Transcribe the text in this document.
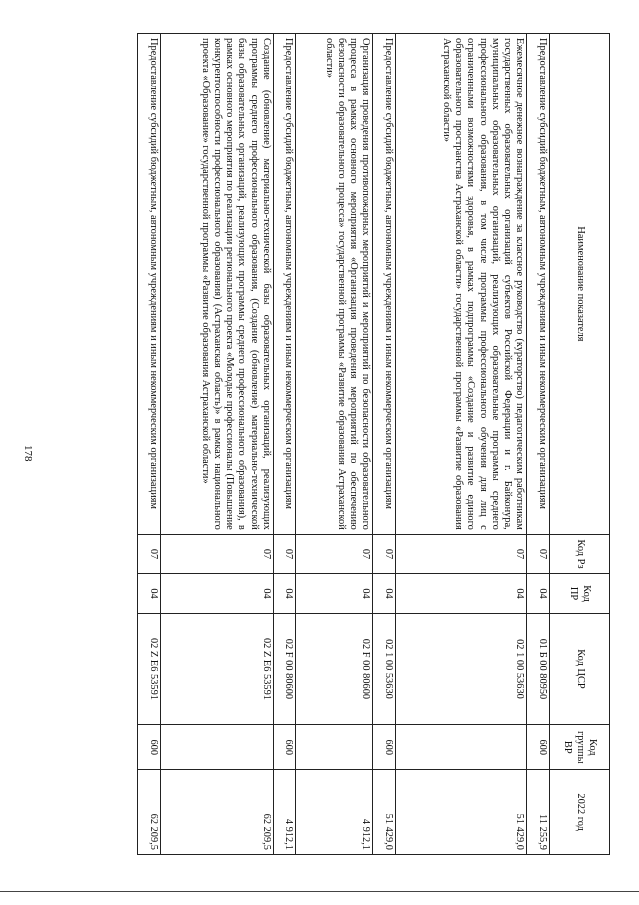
178
Наименование показателя	Код Рз	Код ПР	Код ЦСР	Код группы ВР	2022 год
Предоставление субсидий бюджетным, автономным учреждениям и иным некоммерческим организациям	07	04	01 Б 00 80950	600	11 255,9
Ежемесячное денежное вознаграждение за классное руководство (кураторство) педагогическим работникам государственных образовательных организаций субъектов Российской Федерации и г. Байконура, муниципальных образовательных организаций, реализующих образовательные программы среднего профессионального образования, в том числе программы профессионального обучения для лиц с ограниченными возможностями здоровья, в рамках подпрограммы «Создание и развитие единого образовательного пространства Астраханской области» государственной программы «Развитие образования Астраханской области»	07	04	02 1 00 53630		51 429,0
Предоставление субсидий бюджетным, автономным учреждениям и иным некоммерческим организациям	07	04	02 1 00 53630	600	51 429,0
Организация проведения противопожарных мероприятий и мероприятий по безопасности образовательного процесса в рамках основного мероприятия «Организация проведения мероприятий по обеспечению безопасности образовательного процесса» государственной программы «Развитие образования Астраханской области»	07	04	02 F 00 80600		4 912,1
Предоставление субсидий бюджетным, автономным учреждениям и иным некоммерческим организациям	07	04	02 F 00 80600	600	4 912,1
Создание (обновление) материально-технической базы образовательных организаций, реализующих программы среднего профессионального образования, (Создание (обновление) материально-технической базы образовательных организаций, реализующих программы среднего профессионального образования), в рамках основного мероприятия по реализации регионального проекта «Молодые профессионалы (Повышение конкурентоспособности профессионального образования) (Астраханская область)» в рамках национального проекта «Образование» государственной программы «Развитие образования Астраханской области»	07	04	02 Z Е6 53591		62 209,5
Предоставление субсидий бюджетным, автономным учреждениям и иным некоммерческим организациям	07	04	02 Z Е6 53591	600	62 209,5
